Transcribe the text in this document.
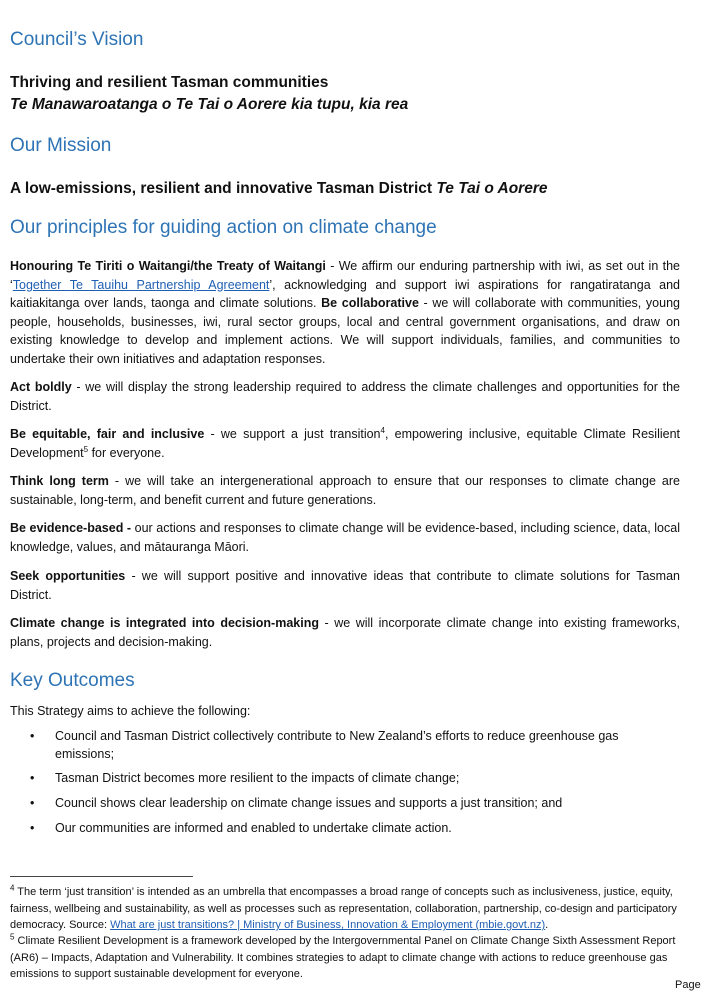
Council’s Vision
Thriving and resilient Tasman communities
Te Manawaroatanga o Te Tai o Aorere kia tupu, kia rea
Our Mission
A low-emissions, resilient and innovative Tasman District Te Tai o Aorere
Our principles for guiding action on climate change

Honouring Te Tiriti o Waitangi/the Treaty of Waitangi - We affirm our enduring partnership with iwi, as set out in the ‘Together Te Tauihu Partnership Agreement’, acknowledging and support iwi aspirations for rangatiratanga and kaitiakitanga over lands, taonga and climate solutions. Be collaborative - we will collaborate with communities, young people, households, businesses, iwi, rural sector groups, local and central government organisations, and draw on existing knowledge to develop and implement actions. We will support individuals, families, and communities to undertake their own initiatives and adaptation responses.

Act boldly - we will display the strong leadership required to address the climate challenges and opportunities for the District.

Be equitable, fair and inclusive - we support a just transition$^4$, empowering inclusive, equitable Climate Resilient Development$^5$ for everyone.

Think long term - we will take an intergenerational approach to ensure that our responses to climate change are sustainable, long-term, and benefit current and future generations.

Be evidence-based - our actions and responses to climate change will be evidence-based, including science, data, local knowledge, values, and mātauranga Māori.

Seek opportunities - we will support positive and innovative ideas that contribute to climate solutions for Tasman District.

Climate change is integrated into decision-making - we will incorporate climate change into existing frameworks, plans, projects and decision-making.

Key Outcomes

This Strategy aims to achieve the following:

• Council and Tasman District collectively contribute to New Zealand’s efforts to reduce greenhouse gas emissions;
• Tasman District becomes more resilient to the impacts of climate change;
• Council shows clear leadership on climate change issues and supports a just transition; and
• Our communities are informed and enabled to undertake climate action.

$^4$ The term ‘just transition’ is intended as an umbrella that encompasses a broad range of concepts such as inclusiveness, justice, equity, fairness, wellbeing and sustainability, as well as processes such as representation, collaboration, partnership, co-design and participatory democracy. Source: What are just transitions? | Ministry of Business, Innovation & Employment (mbie.govt.nz).

$^5$ Climate Resilient Development is a framework developed by the Intergovernmental Panel on Climate Change Sixth Assessment Report (AR6) – Impacts, Adaptation and Vulnerability. It combines strategies to adapt to climate change with actions to reduce greenhouse gas emissions to support sustainable development for everyone.

Page
